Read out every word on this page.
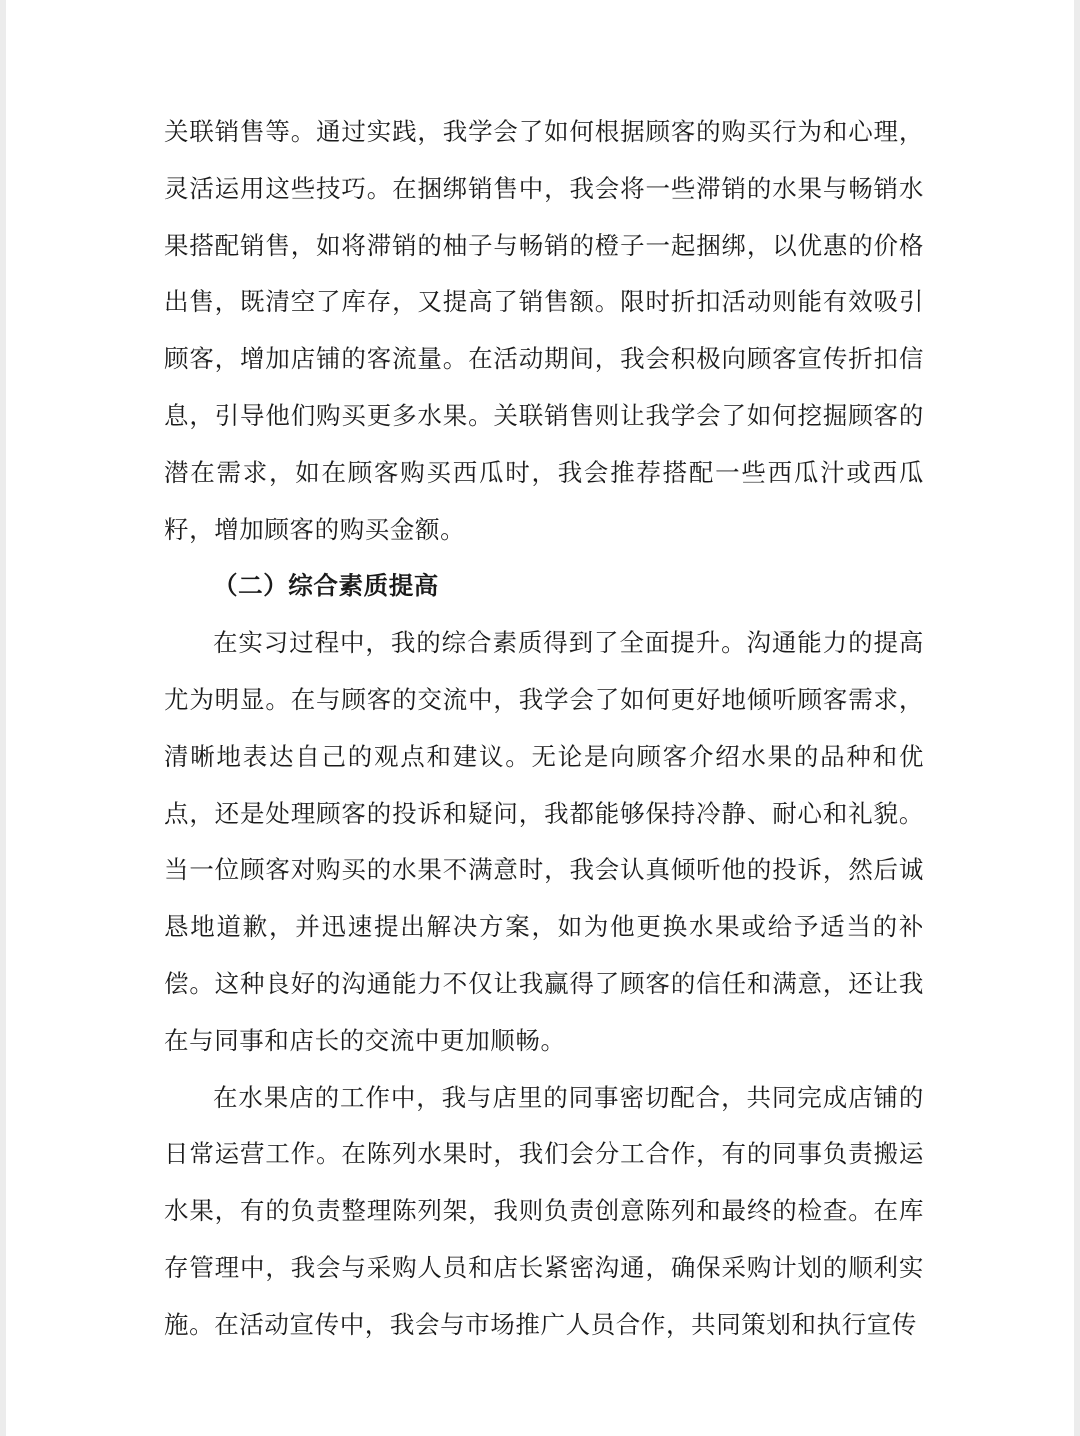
关联销售等。通过实践，我学会了如何根据顾客的购买行为和心理，灵活运用这些技巧。在捆绑销售中，我会将一些滞销的水果与畅销水果搭配销售，如将滞销的柚子与畅销的橙子一起捆绑，以优惠的价格出售，既清空了库存，又提高了销售额。限时折扣活动则能有效吸引顾客，增加店铺的客流量。在活动期间，我会积极向顾客宣传折扣信息，引导他们购买更多水果。关联销售则让我学会了如何挖掘顾客的潜在需求，如在顾客购买西瓜时，我会推荐搭配一些西瓜汁或西瓜籽，增加顾客的购买金额。

（二）综合素质提高

在实习过程中，我的综合素质得到了全面提升。沟通能力的提高尤为明显。在与顾客的交流中，我学会了如何更好地倾听顾客需求，清晰地表达自己的观点和建议。无论是向顾客介绍水果的品种和优点，还是处理顾客的投诉和疑问，我都能够保持冷静、耐心和礼貌。当一位顾客对购买的水果不满意时，我会认真倾听他的投诉，然后诚恳地道歉，并迅速提出解决方案，如为他更换水果或给予适当的补偿。这种良好的沟通能力不仅让我赢得了顾客的信任和满意，还让我在与同事和店长的交流中更加顺畅。

在水果店的工作中，我与店里的同事密切配合，共同完成店铺的日常运营工作。在陈列水果时，我们会分工合作，有的同事负责搬运水果，有的负责整理陈列架，我则负责创意陈列和最终的检查。在库存管理中，我会与采购人员和店长紧密沟通，确保采购计划的顺利实施。在活动宣传中，我会与市场推广人员合作，共同策划和执行宣传
